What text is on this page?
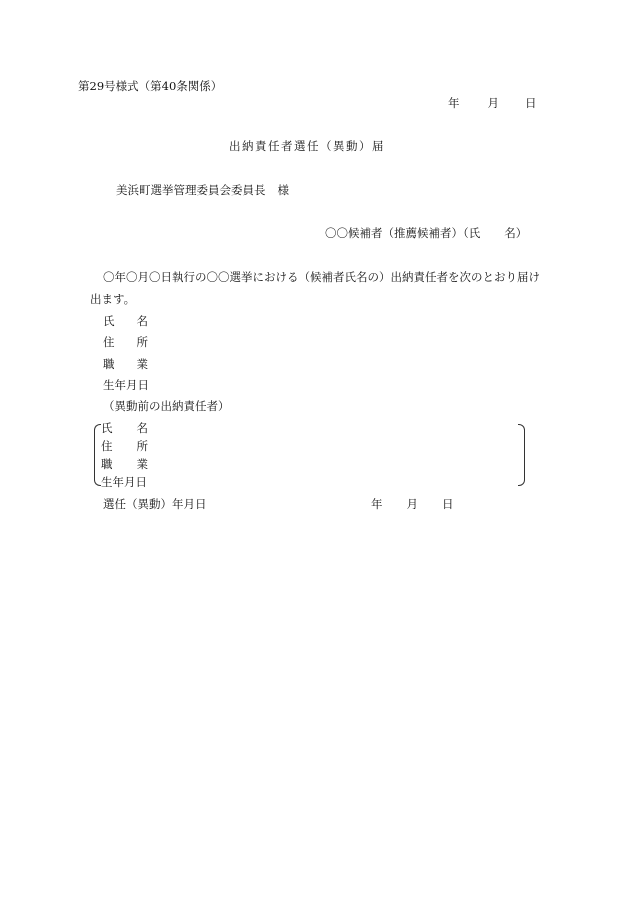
第29号様式（第40条関係）
年 月 日
出納責任者選任（異動）届
美浜町選挙管理委員会委員長 様
〇〇候補者（推薦候補者）（氏 名）
〇年〇月〇日執行の〇〇選挙における（候補者氏名の）出納責任者を次のとおり届け
出ます。
氏 名
住 所
職 業
生年月日
（異動前の出納責任者）
氏 名
住 所
職 業
生年月日
選任（異動）年月日	年 月 日
